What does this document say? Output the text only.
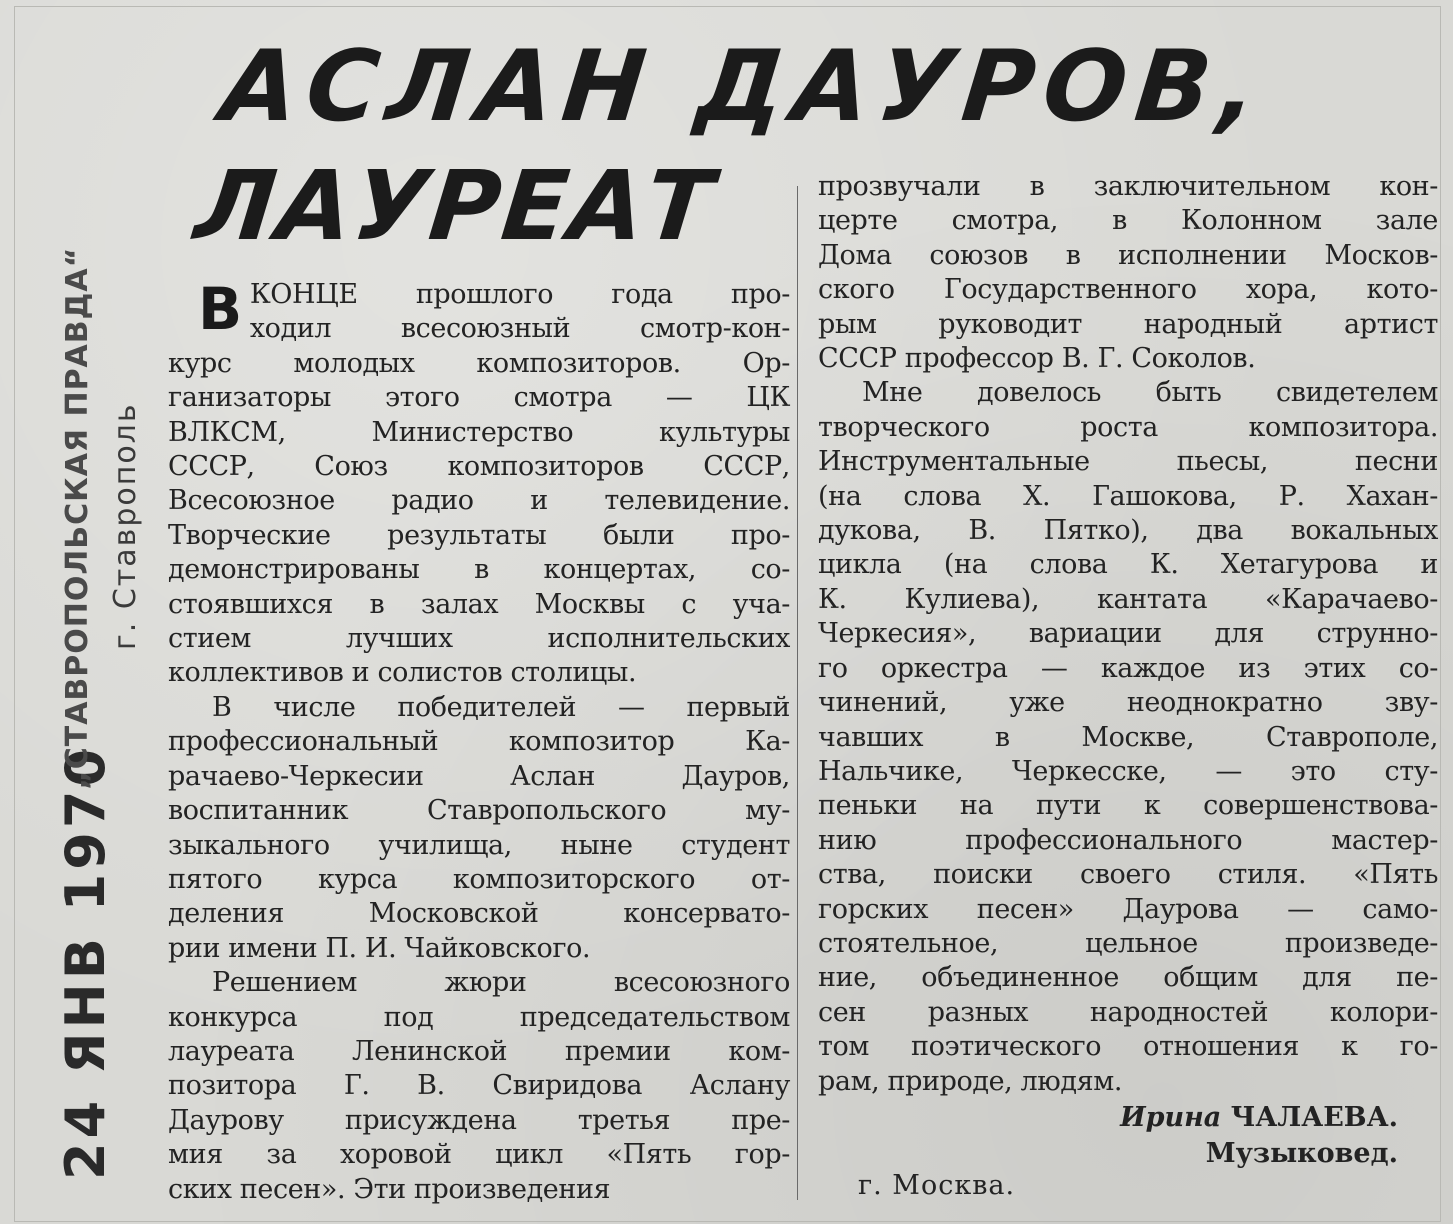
АСЛАН ДАУРОВ,
ЛАУРЕАТ
24 ЯНВ 1970
„СТАВРОПОЛЬСКАЯ ПРАВДА“ г. Ставрополь
В КОНЦЕ прошлого года про-
ходил всесоюзный смотр-кон-
курс молодых композиторов. Ор-
ганизаторы этого смотра — ЦК
ВЛКСМ, Министерство культуры
СССР, Союз композиторов СССР,
Всесоюзное радио и телевидение.
Творческие результаты были про-
демонстрированы в концертах, со-
стоявшихся в залах Москвы с уча-
стием лучших исполнительских
коллективов и солистов столицы.
В числе победителей — первый
профессиональный композитор Ка-
рачаево-Черкесии Аслан Дауров,
воспитанник Ставропольского му-
зыкального училища, ныне студент
пятого курса композиторского от-
деления Московской консервато-
рии имени П. И. Чайковского.
Решением жюри всесоюзного
конкурса под председательством
лауреата Ленинской премии ком-
позитора Г. В. Свиридова Аслану
Даурову присуждена третья пре-
мия за хоровой цикл «Пять гор-
ских песен». Эти произведения
прозвучали в заключительном кон-
церте смотра, в Колонном зале
Дома союзов в исполнении Москов-
ского Государственного хора, кото-
рым руководит народный артист
СССР профессор В. Г. Соколов.
Мне довелось быть свидетелем
творческого роста композитора.
Инструментальные пьесы, песни
(на слова Х. Гашокова, Р. Хахан-
дукова, В. Пятко), два вокальных
цикла (на слова К. Хетагурова и
К. Кулиева), кантата «Карачаево-
Черкесия», вариации для струнно-
го оркестра — каждое из этих со-
чинений, уже неоднократно зву-
чавших в Москве, Ставрополе,
Нальчике, Черкесске, — это сту-
пеньки на пути к совершенствова-
нию профессионального мастер-
ства, поиски своего стиля. «Пять
горских песен» Даурова — само-
стоятельное, цельное произведе-
ние, объединенное общим для пе-
сен разных народностей колори-
том поэтического отношения к го-
рам, природе, людям.
Ирина ЧАЛАЕВА.
Музыковед.
г. Москва.
